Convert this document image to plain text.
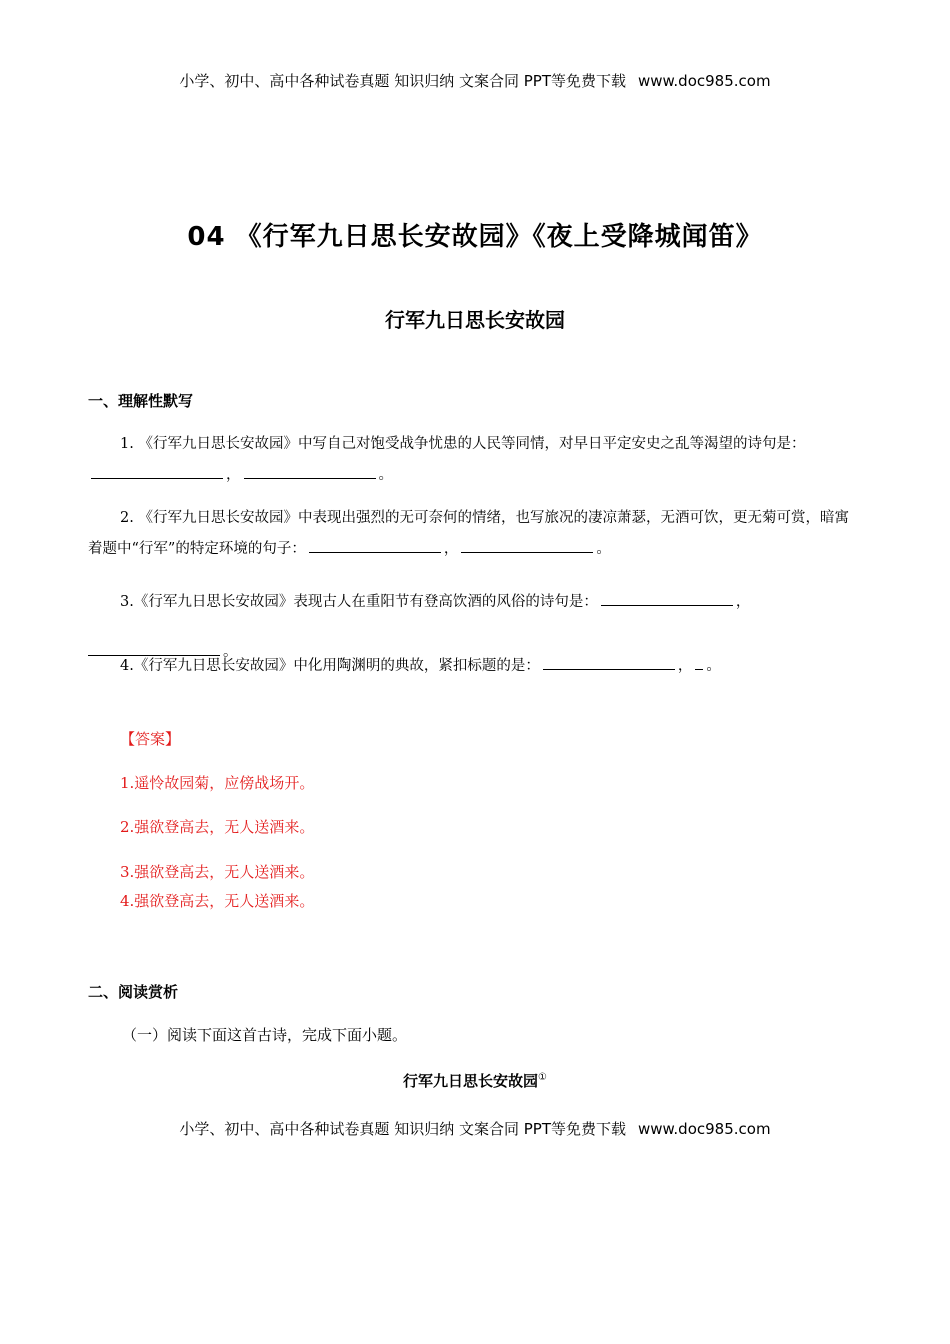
小学、初中、高中各种试卷真题 知识归纳 文案合同 PPT等免费下载 www.doc985.com
04 《行军九日思长安故园》《夜上受降城闻笛》
行军九日思长安故园
一、理解性默写
1. 《行军九日思长安故园》中写自己对饱受战争忧患的人民等同情，对早日平定安史之乱等渴望的诗句是：，	。
2. 《行军九日思长安故园》中表现出强烈的无可奈何的情绪，也写旅况的凄凉萧瑟，无酒可饮，更无菊可赏，暗寓着题中“行军”的特定环境的句子：	，	。
3.《行军九日思长安故园》表现古人在重阳节有登高饮酒的风俗的诗句是：	，。
4.《行军九日思长安故园》中化用陶渊明的典故，紧扣标题的是：	， 。
【答案】
1.遥怜故园菊，应傍战场开。
2.强欲登高去，无人送酒来。
3.强欲登高去，无人送酒来。
4.强欲登高去，无人送酒来。
二、阅读赏析
（一）阅读下面这首古诗，完成下面小题。
行军九日思长安故园①
小学、初中、高中各种试卷真题 知识归纳 文案合同 PPT等免费下载 www.doc985.com
